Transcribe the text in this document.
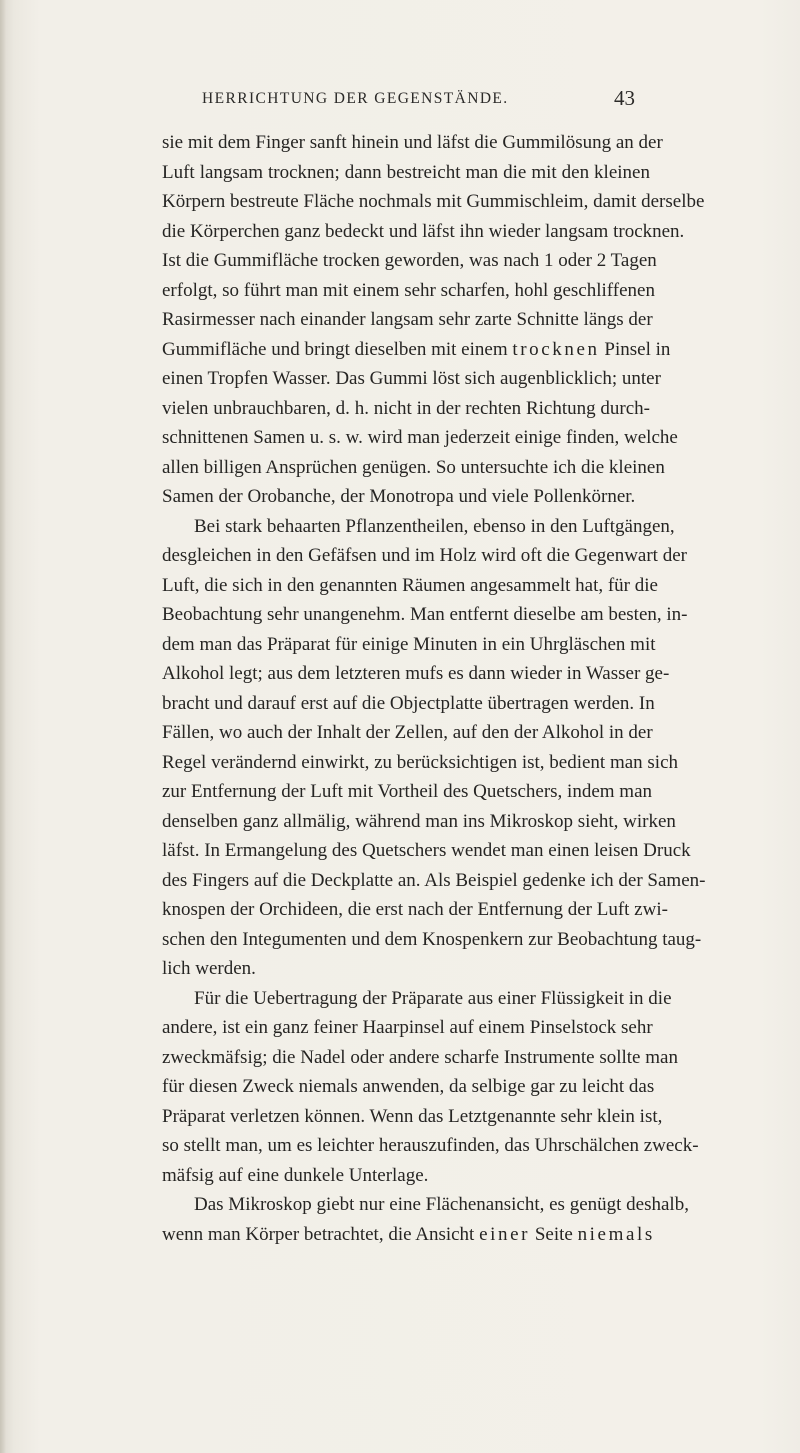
HERRICHTUNG DER GEGENSTÄNDE.	43
sie mit dem Finger sanft hinein und läfst die Gummilösung an der
Luft langsam trocknen; dann bestreicht man die mit den kleinen
Körpern bestreute Fläche nochmals mit Gummischleim, damit derselbe
die Körperchen ganz bedeckt und läfst ihn wieder langsam trocknen.
Ist die Gummifläche trocken geworden, was nach 1 oder 2 Tagen
erfolgt, so führt man mit einem sehr scharfen, hohl geschliffenen
Rasirmesser nach einander langsam sehr zarte Schnitte längs der
Gummifläche und bringt dieselben mit einem trocknen Pinsel in
einen Tropfen Wasser. Das Gummi löst sich augenblicklich; unter
vielen unbrauchbaren, d. h. nicht in der rechten Richtung durch-
schnittenen Samen u. s. w. wird man jederzeit einige finden, welche
allen billigen Ansprüchen genügen. So untersuchte ich die kleinen
Samen der Orobanche, der Monotropa und viele Pollenkörner.
Bei stark behaarten Pflanzentheilen, ebenso in den Luftgängen,
desgleichen in den Gefäfsen und im Holz wird oft die Gegenwart der
Luft, die sich in den genannten Räumen angesammelt hat, für die
Beobachtung sehr unangenehm. Man entfernt dieselbe am besten, in-
dem man das Präparat für einige Minuten in ein Uhrgläschen mit
Alkohol legt; aus dem letzteren mufs es dann wieder in Wasser ge-
bracht und darauf erst auf die Objectplatte übertragen werden. In
Fällen, wo auch der Inhalt der Zellen, auf den der Alkohol in der
Regel verändernd einwirkt, zu berücksichtigen ist, bedient man sich
zur Entfernung der Luft mit Vortheil des Quetschers, indem man
denselben ganz allmälig, während man ins Mikroskop sieht, wirken
läfst. In Ermangelung des Quetschers wendet man einen leisen Druck
des Fingers auf die Deckplatte an. Als Beispiel gedenke ich der Samen-
knospen der Orchideen, die erst nach der Entfernung der Luft zwi-
schen den Integumenten und dem Knospenkern zur Beobachtung taug-
lich werden.
Für die Uebertragung der Präparate aus einer Flüssigkeit in die
andere, ist ein ganz feiner Haarpinsel auf einem Pinselstock sehr
zweckmäfsig; die Nadel oder andere scharfe Instrumente sollte man
für diesen Zweck niemals anwenden, da selbige gar zu leicht das
Präparat verletzen können. Wenn das Letztgenannte sehr klein ist,
so stellt man, um es leichter herauszufinden, das Uhrschälchen zweck-
mäfsig auf eine dunkele Unterlage.
Das Mikroskop giebt nur eine Flächenansicht, es genügt deshalb,
wenn man Körper betrachtet, die Ansicht einer Seite niemals
